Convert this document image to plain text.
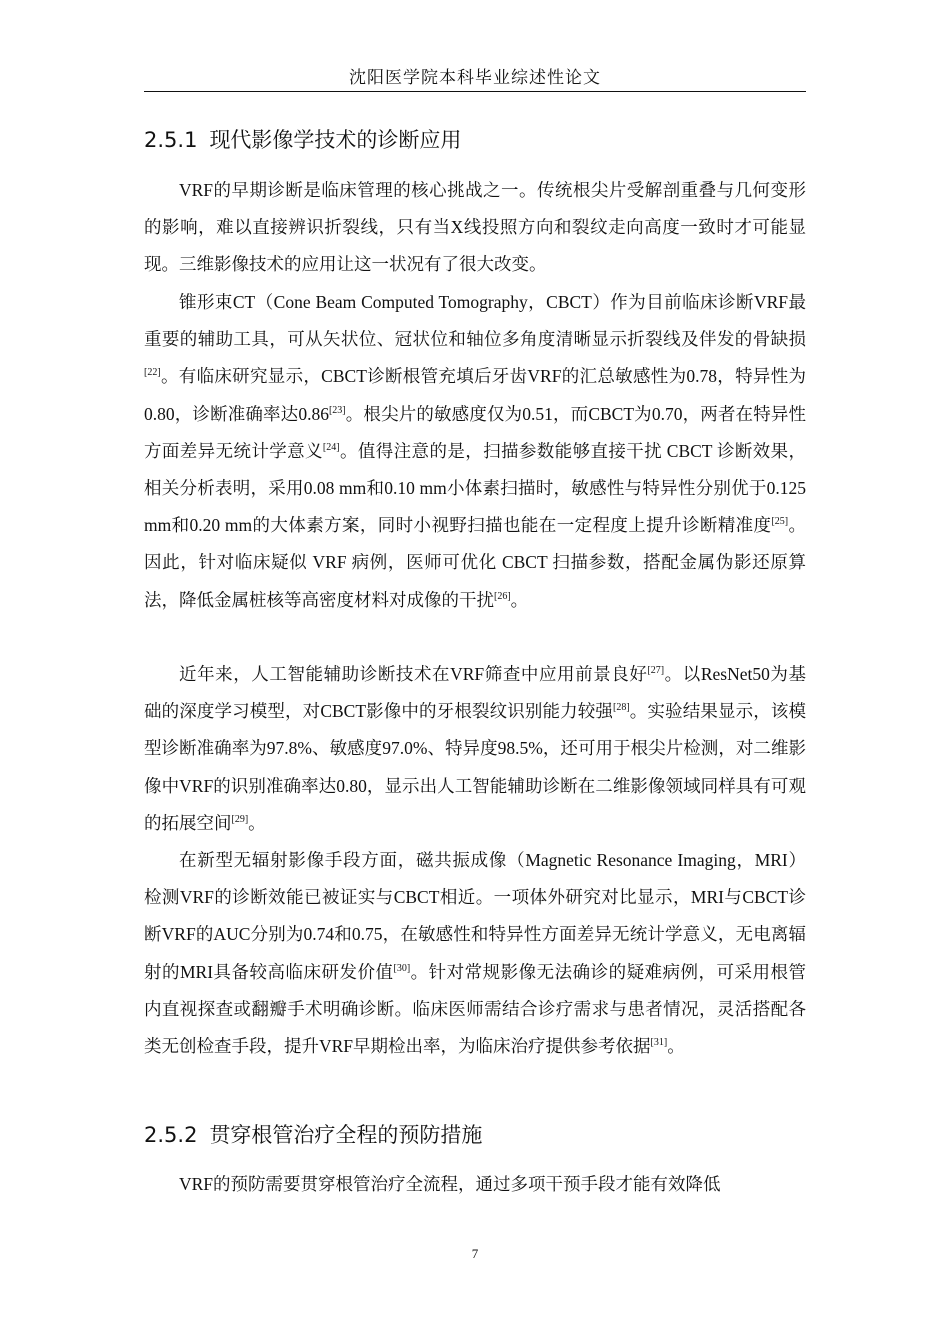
沈阳医学院本科毕业综述性论文
2.5.1 现代影像学技术的诊断应用

VRF的早期诊断是临床管理的核心挑战之一。传统根尖片受解剖重叠与几何变形的影响，难以直接辨识折裂线，只有当X线投照方向和裂纹走向高度一致时才可能显现。三维影像技术的应用让这一状况有了很大改变。

锥形束CT（Cone Beam Computed Tomography，CBCT）作为目前临床诊断VRF最重要的辅助工具，可从矢状位、冠状位和轴位多角度清晰显示折裂线及伴发的骨缺损[22]。有临床研究显示，CBCT诊断根管充填后牙齿VRF的汇总敏感性为0.78，特异性为0.80，诊断准确率达0.86[23]。根尖片的敏感度仅为0.51，而CBCT为0.70，两者在特异性方面差异无统计学意义[24]。值得注意的是，扫描参数能够直接干扰 CBCT 诊断效果，相关分析表明，采用0.08 mm和0.10 mm小体素扫描时，敏感性与特异性分别优于0.125 mm和0.20 mm的大体素方案，同时小视野扫描也能在一定程度上提升诊断精准度[25]。因此，针对临床疑似 VRF 病例，医师可优化 CBCT 扫描参数，搭配金属伪影还原算法，降低金属桩核等高密度材料对成像的干扰[26]。

近年来，人工智能辅助诊断技术在VRF筛查中应用前景良好[27]。以ResNet50为基础的深度学习模型，对CBCT影像中的牙根裂纹识别能力较强[28]。实验结果显示，该模型诊断准确率为97.8%、敏感度97.0%、特异度98.5%，还可用于根尖片检测，对二维影像中VRF的识别准确率达0.80，显示出人工智能辅助诊断在二维影像领域同样具有可观的拓展空间[29]。

在新型无辐射影像手段方面，磁共振成像（Magnetic Resonance Imaging，MRI）检测VRF的诊断效能已被证实与CBCT相近。一项体外研究对比显示，MRI与CBCT诊断VRF的AUC分别为0.74和0.75，在敏感性和特异性方面差异无统计学意义，无电离辐射的MRI具备较高临床研发价值[30]。针对常规影像无法确诊的疑难病例，可采用根管内直视探查或翻瓣手术明确诊断。临床医师需结合诊疗需求与患者情况，灵活搭配各类无创检查手段，提升VRF早期检出率，为临床治疗提供参考依据[31]。

2.5.2 贯穿根管治疗全程的预防措施

VRF的预防需要贯穿根管治疗全流程，通过多项干预手段才能有效降低

7
